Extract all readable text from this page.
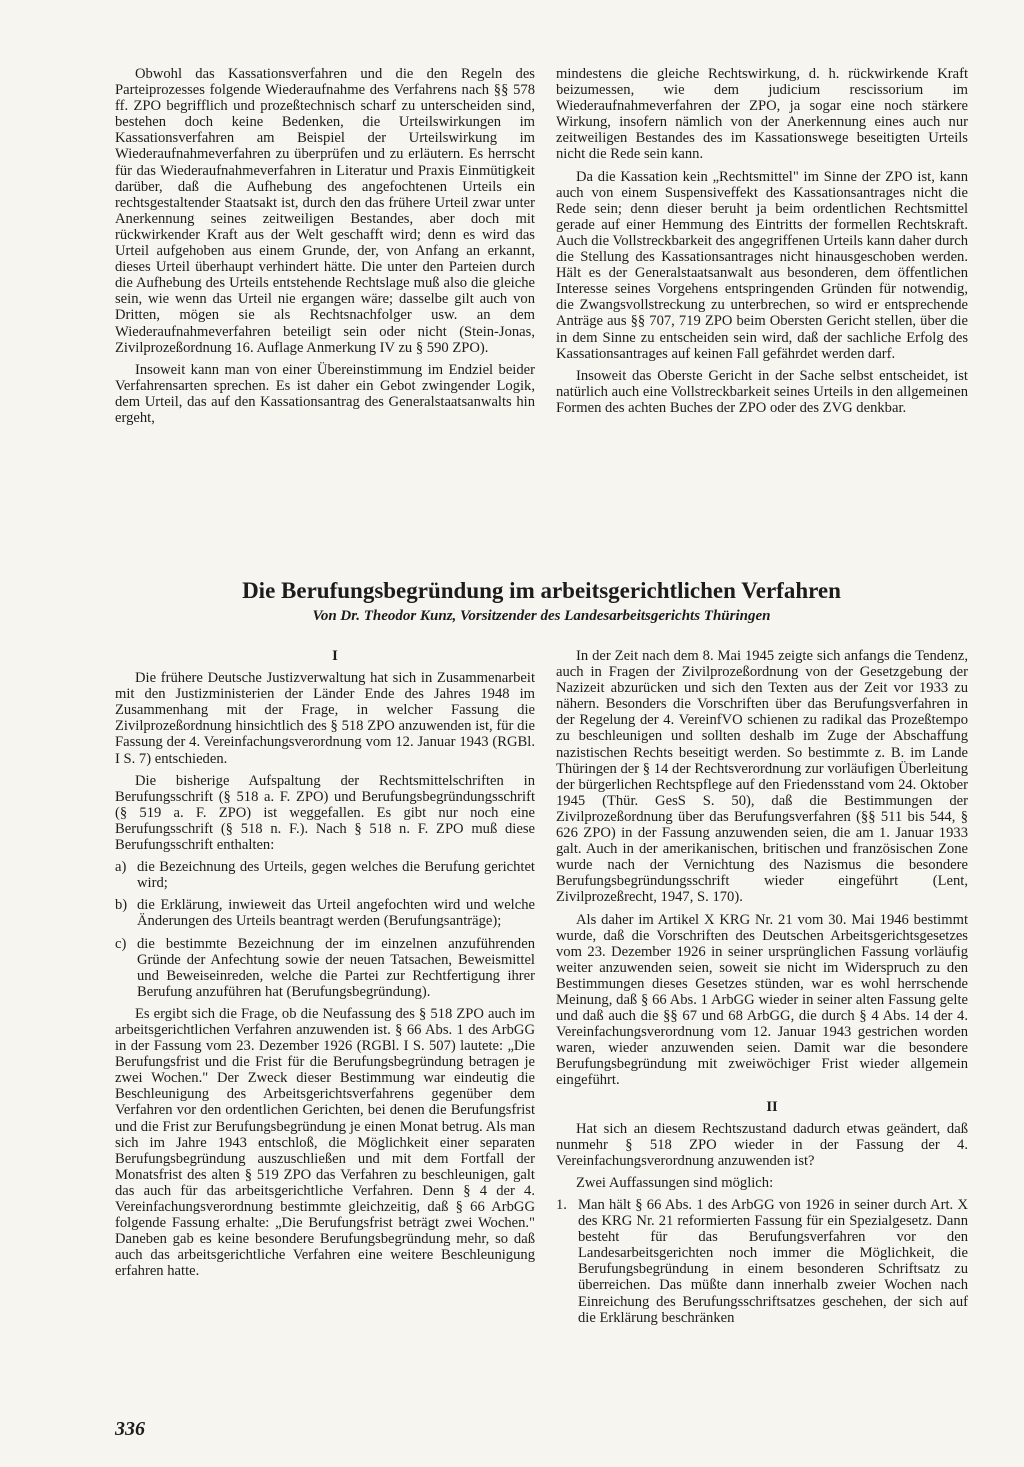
Obwohl das Kassationsverfahren und die den Regeln des Parteiprozesses folgende Wiederaufnahme des Verfahrens nach §§ 578 ff. ZPO begrifflich und prozeßtechnisch scharf zu unterscheiden sind, bestehen doch keine Bedenken, die Urteilswirkungen im Kassationsverfahren am Beispiel der Urteilswirkung im Wiederaufnahmeverfahren zu überprüfen und zu erläutern. Es herrscht für das Wiederaufnahmeverfahren in Literatur und Praxis Einmütigkeit darüber, daß die Aufhebung des angefochtenen Urteils ein rechtsgestaltender Staatsakt ist, durch den das frühere Urteil zwar unter Anerkennung seines zeitweiligen Bestandes, aber doch mit rückwirkender Kraft aus der Welt geschafft wird; denn es wird das Urteil aufgehoben aus einem Grunde, der, von Anfang an erkannt, dieses Urteil überhaupt verhindert hätte. Die unter den Parteien durch die Aufhebung des Urteils entstehende Rechtslage muß also die gleiche sein, wie wenn das Urteil nie ergangen wäre; dasselbe gilt auch von Dritten, mögen sie als Rechtsnachfolger usw. an dem Wiederaufnahmeverfahren beteiligt sein oder nicht (Stein-Jonas, Zivilprozeßordnung 16. Auflage Anmerkung IV zu § 590 ZPO).

Insoweit kann man von einer Übereinstimmung im Endziel beider Verfahrensarten sprechen. Es ist daher ein Gebot zwingender Logik, dem Urteil, das auf den Kassationsantrag des Generalstaatsanwalts hin ergeht,

mindestens die gleiche Rechtswirkung, d. h. rückwirkende Kraft beizumessen, wie dem judicium rescissorium im Wiederaufnahmeverfahren der ZPO, ja sogar eine noch stärkere Wirkung, insofern nämlich von der Anerkennung eines auch nur zeitweiligen Bestandes des im Kassationswege beseitigten Urteils nicht die Rede sein kann.

Da die Kassation kein „Rechtsmittel" im Sinne der ZPO ist, kann auch von einem Suspensiveffekt des Kassationsantrages nicht die Rede sein; denn dieser beruht ja beim ordentlichen Rechtsmittel gerade auf einer Hemmung des Eintritts der formellen Rechtskraft. Auch die Vollstreckbarkeit des angegriffenen Urteils kann daher durch die Stellung des Kassationsantrages nicht hinausgeschoben werden. Hält es der Generalstaatsanwalt aus besonderen, dem öffentlichen Interesse seines Vorgehens entspringenden Gründen für notwendig, die Zwangsvollstreckung zu unterbrechen, so wird er entsprechende Anträge aus §§ 707, 719 ZPO beim Obersten Gericht stellen, über die in dem Sinne zu entscheiden sein wird, daß der sachliche Erfolg des Kassationsantrages auf keinen Fall gefährdet werden darf.

Insoweit das Oberste Gericht in der Sache selbst entscheidet, ist natürlich auch eine Vollstreckbarkeit seines Urteils in den allgemeinen Formen des achten Buches der ZPO oder des ZVG denkbar.

Die Berufungsbegründung im arbeitsgerichtlichen Verfahren
Von Dr. Theodor Kunz, Vorsitzender des Landesarbeitsgerichts Thüringen

I

Die frühere Deutsche Justizverwaltung hat sich in Zusammenarbeit mit den Justizministerien der Länder Ende des Jahres 1948 im Zusammenhang mit der Frage, in welcher Fassung die Zivilprozeßordnung hinsichtlich des § 518 ZPO anzuwenden ist, für die Fassung der 4. Vereinfachungsverordnung vom 12. Januar 1943 (RGBl. I S. 7) entschieden.

Die bisherige Aufspaltung der Rechtsmittelschriften in Berufungsschrift (§ 518 a. F. ZPO) und Berufungsbegründungsschrift (§ 519 a. F. ZPO) ist weggefallen. Es gibt nur noch eine Berufungsschrift (§ 518 n. F.). Nach § 518 n. F. ZPO muß diese Berufungsschrift enthalten:

a) die Bezeichnung des Urteils, gegen welches die Berufung gerichtet wird;
b) die Erklärung, inwieweit das Urteil angefochten wird und welche Änderungen des Urteils beantragt werden (Berufungsanträge);
c) die bestimmte Bezeichnung der im einzelnen anzuführenden Gründe der Anfechtung sowie der neuen Tatsachen, Beweismittel und Beweiseinreden, welche die Partei zur Rechtfertigung ihrer Berufung anzuführen hat (Berufungsbegründung).

Es ergibt sich die Frage, ob die Neufassung des § 518 ZPO auch im arbeitsgerichtlichen Verfahren anzuwenden ist. § 66 Abs. 1 des ArbGG in der Fassung vom 23. Dezember 1926 (RGBl. I S. 507) lautete: „Die Berufungsfrist und die Frist für die Berufungsbegründung betragen je zwei Wochen." Der Zweck dieser Bestimmung war eindeutig die Beschleunigung des Arbeitsgerichtsverfahrens gegenüber dem Verfahren vor den ordentlichen Gerichten, bei denen die Berufungsfrist und die Frist zur Berufungsbegründung je einen Monat betrug. Als man sich im Jahre 1943 entschloß, die Möglichkeit einer separaten Berufungsbegründung auszuschließen und mit dem Fortfall der Monatsfrist des alten § 519 ZPO das Verfahren zu beschleunigen, galt das auch für das arbeitsgerichtliche Verfahren. Denn § 4 der 4. Vereinfachungsverordnung bestimmte gleichzeitig, daß § 66 ArbGG folgende Fassung erhalte: „Die Berufungsfrist beträgt zwei Wochen." Daneben gab es keine besondere Berufungsbegründung mehr, so daß auch das arbeitsgerichtliche Verfahren eine weitere Beschleunigung erfahren hatte.

In der Zeit nach dem 8. Mai 1945 zeigte sich anfangs die Tendenz, auch in Fragen der Zivilprozeßordnung von der Gesetzgebung der Nazizeit abzurücken und sich den Texten aus der Zeit vor 1933 zu nähern. Besonders die Vorschriften über das Berufungsverfahren in der Regelung der 4. VereinfVO schienen zu radikal das Prozeßtempo zu beschleunigen und sollten deshalb im Zuge der Abschaffung nazistischen Rechts beseitigt werden. So bestimmte z. B. im Lande Thüringen der § 14 der Rechtsverordnung zur vorläufigen Überleitung der bürgerlichen Rechtspflege auf den Friedensstand vom 24. Oktober 1945 (Thür. GesS S. 50), daß die Bestimmungen der Zivilprozeßordnung über das Berufungsverfahren (§§ 511 bis 544, § 626 ZPO) in der Fassung anzuwenden seien, die am 1. Januar 1933 galt. Auch in der amerikanischen, britischen und französischen Zone wurde nach der Vernichtung des Nazismus die besondere Berufungsbegründungsschrift wieder eingeführt (Lent, Zivilprozeßrecht, 1947, S. 170).

Als daher im Artikel X KRG Nr. 21 vom 30. Mai 1946 bestimmt wurde, daß die Vorschriften des Deutschen Arbeitsgerichtsgesetzes vom 23. Dezember 1926 in seiner ursprünglichen Fassung vorläufig weiter anzuwenden seien, soweit sie nicht im Widerspruch zu den Bestimmungen dieses Gesetzes stünden, war es wohl herrschende Meinung, daß § 66 Abs. 1 ArbGG wieder in seiner alten Fassung gelte und daß auch die §§ 67 und 68 ArbGG, die durch § 4 Abs. 14 der 4. Vereinfachungsverordnung vom 12. Januar 1943 gestrichen worden waren, wieder anzuwenden seien. Damit war die besondere Berufungsbegründung mit zweiwöchiger Frist wieder allgemein eingeführt.

II

Hat sich an diesem Rechtszustand dadurch etwas geändert, daß nunmehr § 518 ZPO wieder in der Fassung der 4. Vereinfachungsverordnung anzuwenden ist?

Zwei Auffassungen sind möglich:

1. Man hält § 66 Abs. 1 des ArbGG von 1926 in seiner durch Art. X des KRG Nr. 21 reformierten Fassung für ein Spezialgesetz. Dann besteht für das Berufungsverfahren vor den Landesarbeitsgerichten noch immer die Möglichkeit, die Berufungsbegründung in einem besonderen Schriftsatz zu überreichen. Das müßte dann innerhalb zweier Wochen nach Einreichung des Berufungsschriftsatzes geschehen, der sich auf die Erklärung beschränken
336
